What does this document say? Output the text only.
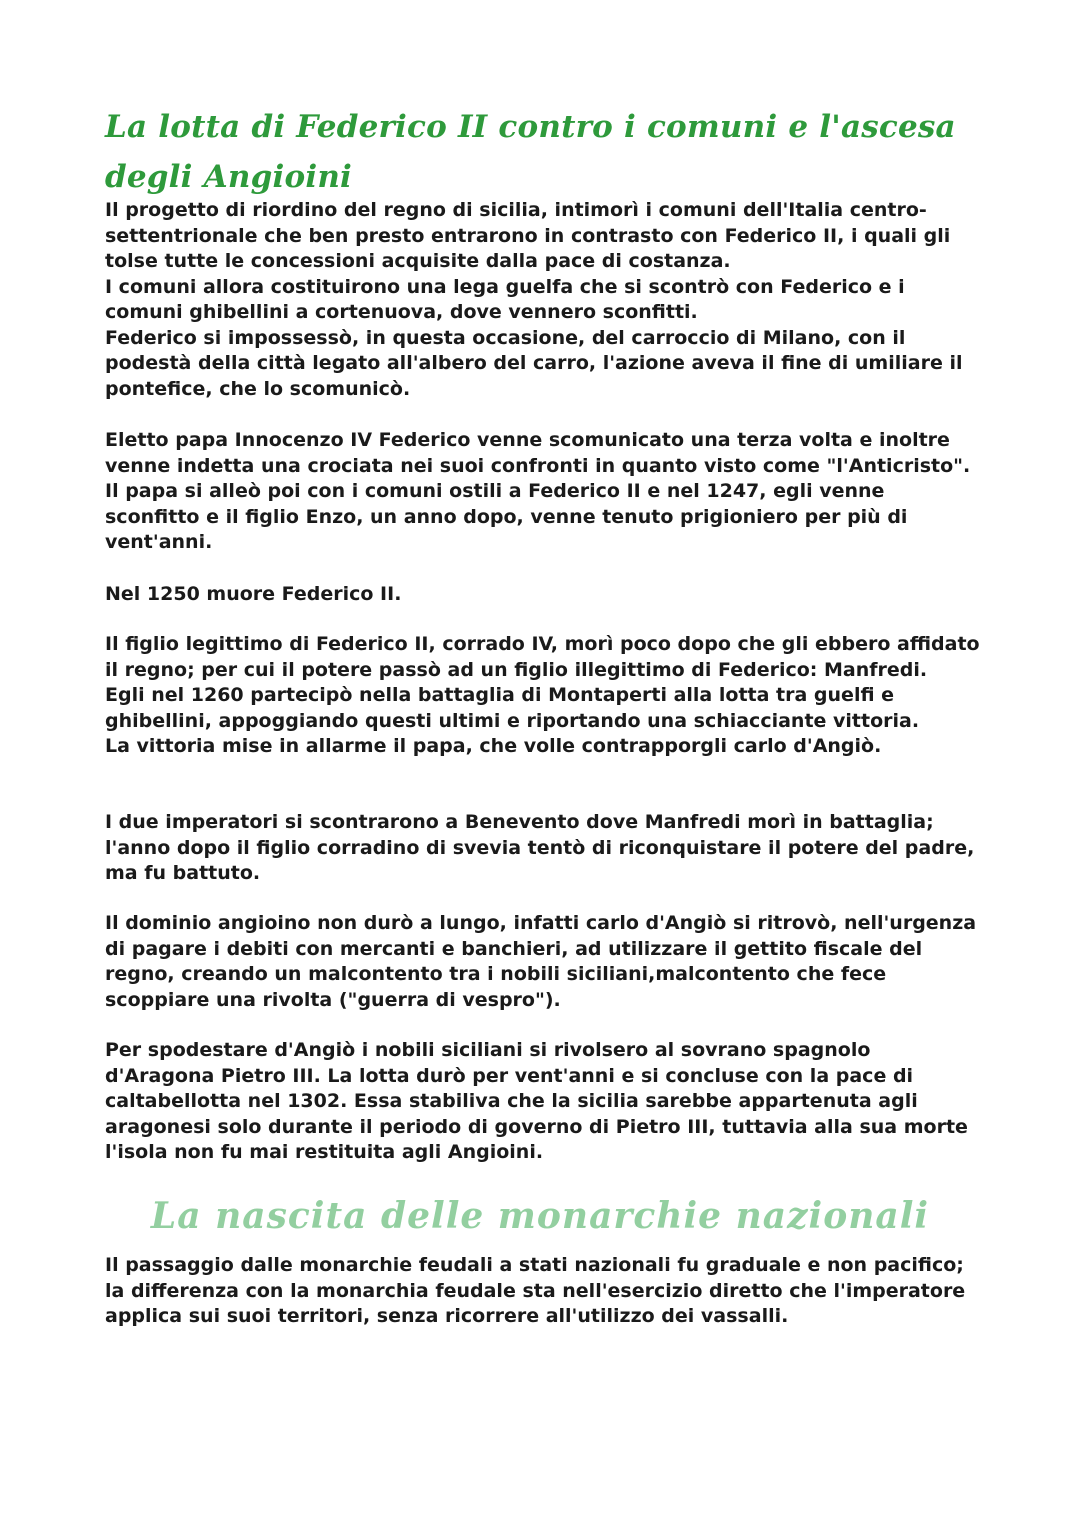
La lotta di Federico II contro i comuni e l'ascesa degli Angioini

Il progetto di riordino del regno di sicilia, intimorì i comuni dell'Italia centro-settentrionale che ben presto entrarono in contrasto con Federico II, i quali gli tolse tutte le concessioni acquisite dalla pace di costanza.

I comuni allora costituirono una lega guelfa che si scontrò con Federico e i comuni ghibellini a cortenuova, dove vennero sconfitti.

Federico si impossessò, in questa occasione, del carroccio di Milano, con il podestà della città legato all'albero del carro, l'azione aveva il fine di umiliare il pontefice, che lo scomunicò.

Eletto papa Innocenzo IV Federico venne scomunicato una terza volta e inoltre venne indetta una crociata nei suoi confronti in quanto visto come "l'Anticristo".

Il papa si alleò poi con i comuni ostili a Federico II e nel 1247, egli venne sconfitto e il figlio Enzo, un anno dopo, venne tenuto prigioniero per più di vent'anni.

Nel 1250 muore Federico II.

Il figlio legittimo di Federico II, corrado IV, morì poco dopo che gli ebbero affidato il regno; per cui il potere passò ad un figlio illegittimo di Federico: Manfredi.

Egli nel 1260 partecipò nella battaglia di Montaperti alla lotta tra guelfi e ghibellini, appoggiando questi ultimi e riportando una schiacciante vittoria.

La vittoria mise in allarme il papa, che volle contrapporgli carlo d'Angiò.

I due imperatori si scontrarono a Benevento dove Manfredi morì in battaglia; l'anno dopo il figlio corradino di svevia tentò di riconquistare il potere del padre, ma fu battuto.

Il dominio angioino non durò a lungo, infatti carlo d'Angiò si ritrovò, nell'urgenza di pagare i debiti con mercanti e banchieri, ad utilizzare il gettito fiscale del regno, creando un malcontento tra i nobili siciliani,malcontento che fece scoppiare una rivolta ("guerra di vespro").

Per spodestare d'Angiò i nobili siciliani si rivolsero al sovrano spagnolo d'Aragona Pietro III. La lotta durò per vent'anni e si concluse con la pace di caltabellotta nel 1302. Essa stabiliva che la sicilia sarebbe appartenuta agli aragonesi solo durante il periodo di governo di Pietro III, tuttavia alla sua morte l'isola non fu mai restituita agli Angioini.

La nascita delle monarchie nazionali

Il passaggio dalle monarchie feudali a stati nazionali fu graduale e non pacifico; la differenza con la monarchia feudale sta nell'esercizio diretto che l'imperatore applica sui suoi territori, senza ricorrere all'utilizzo dei vassalli.
